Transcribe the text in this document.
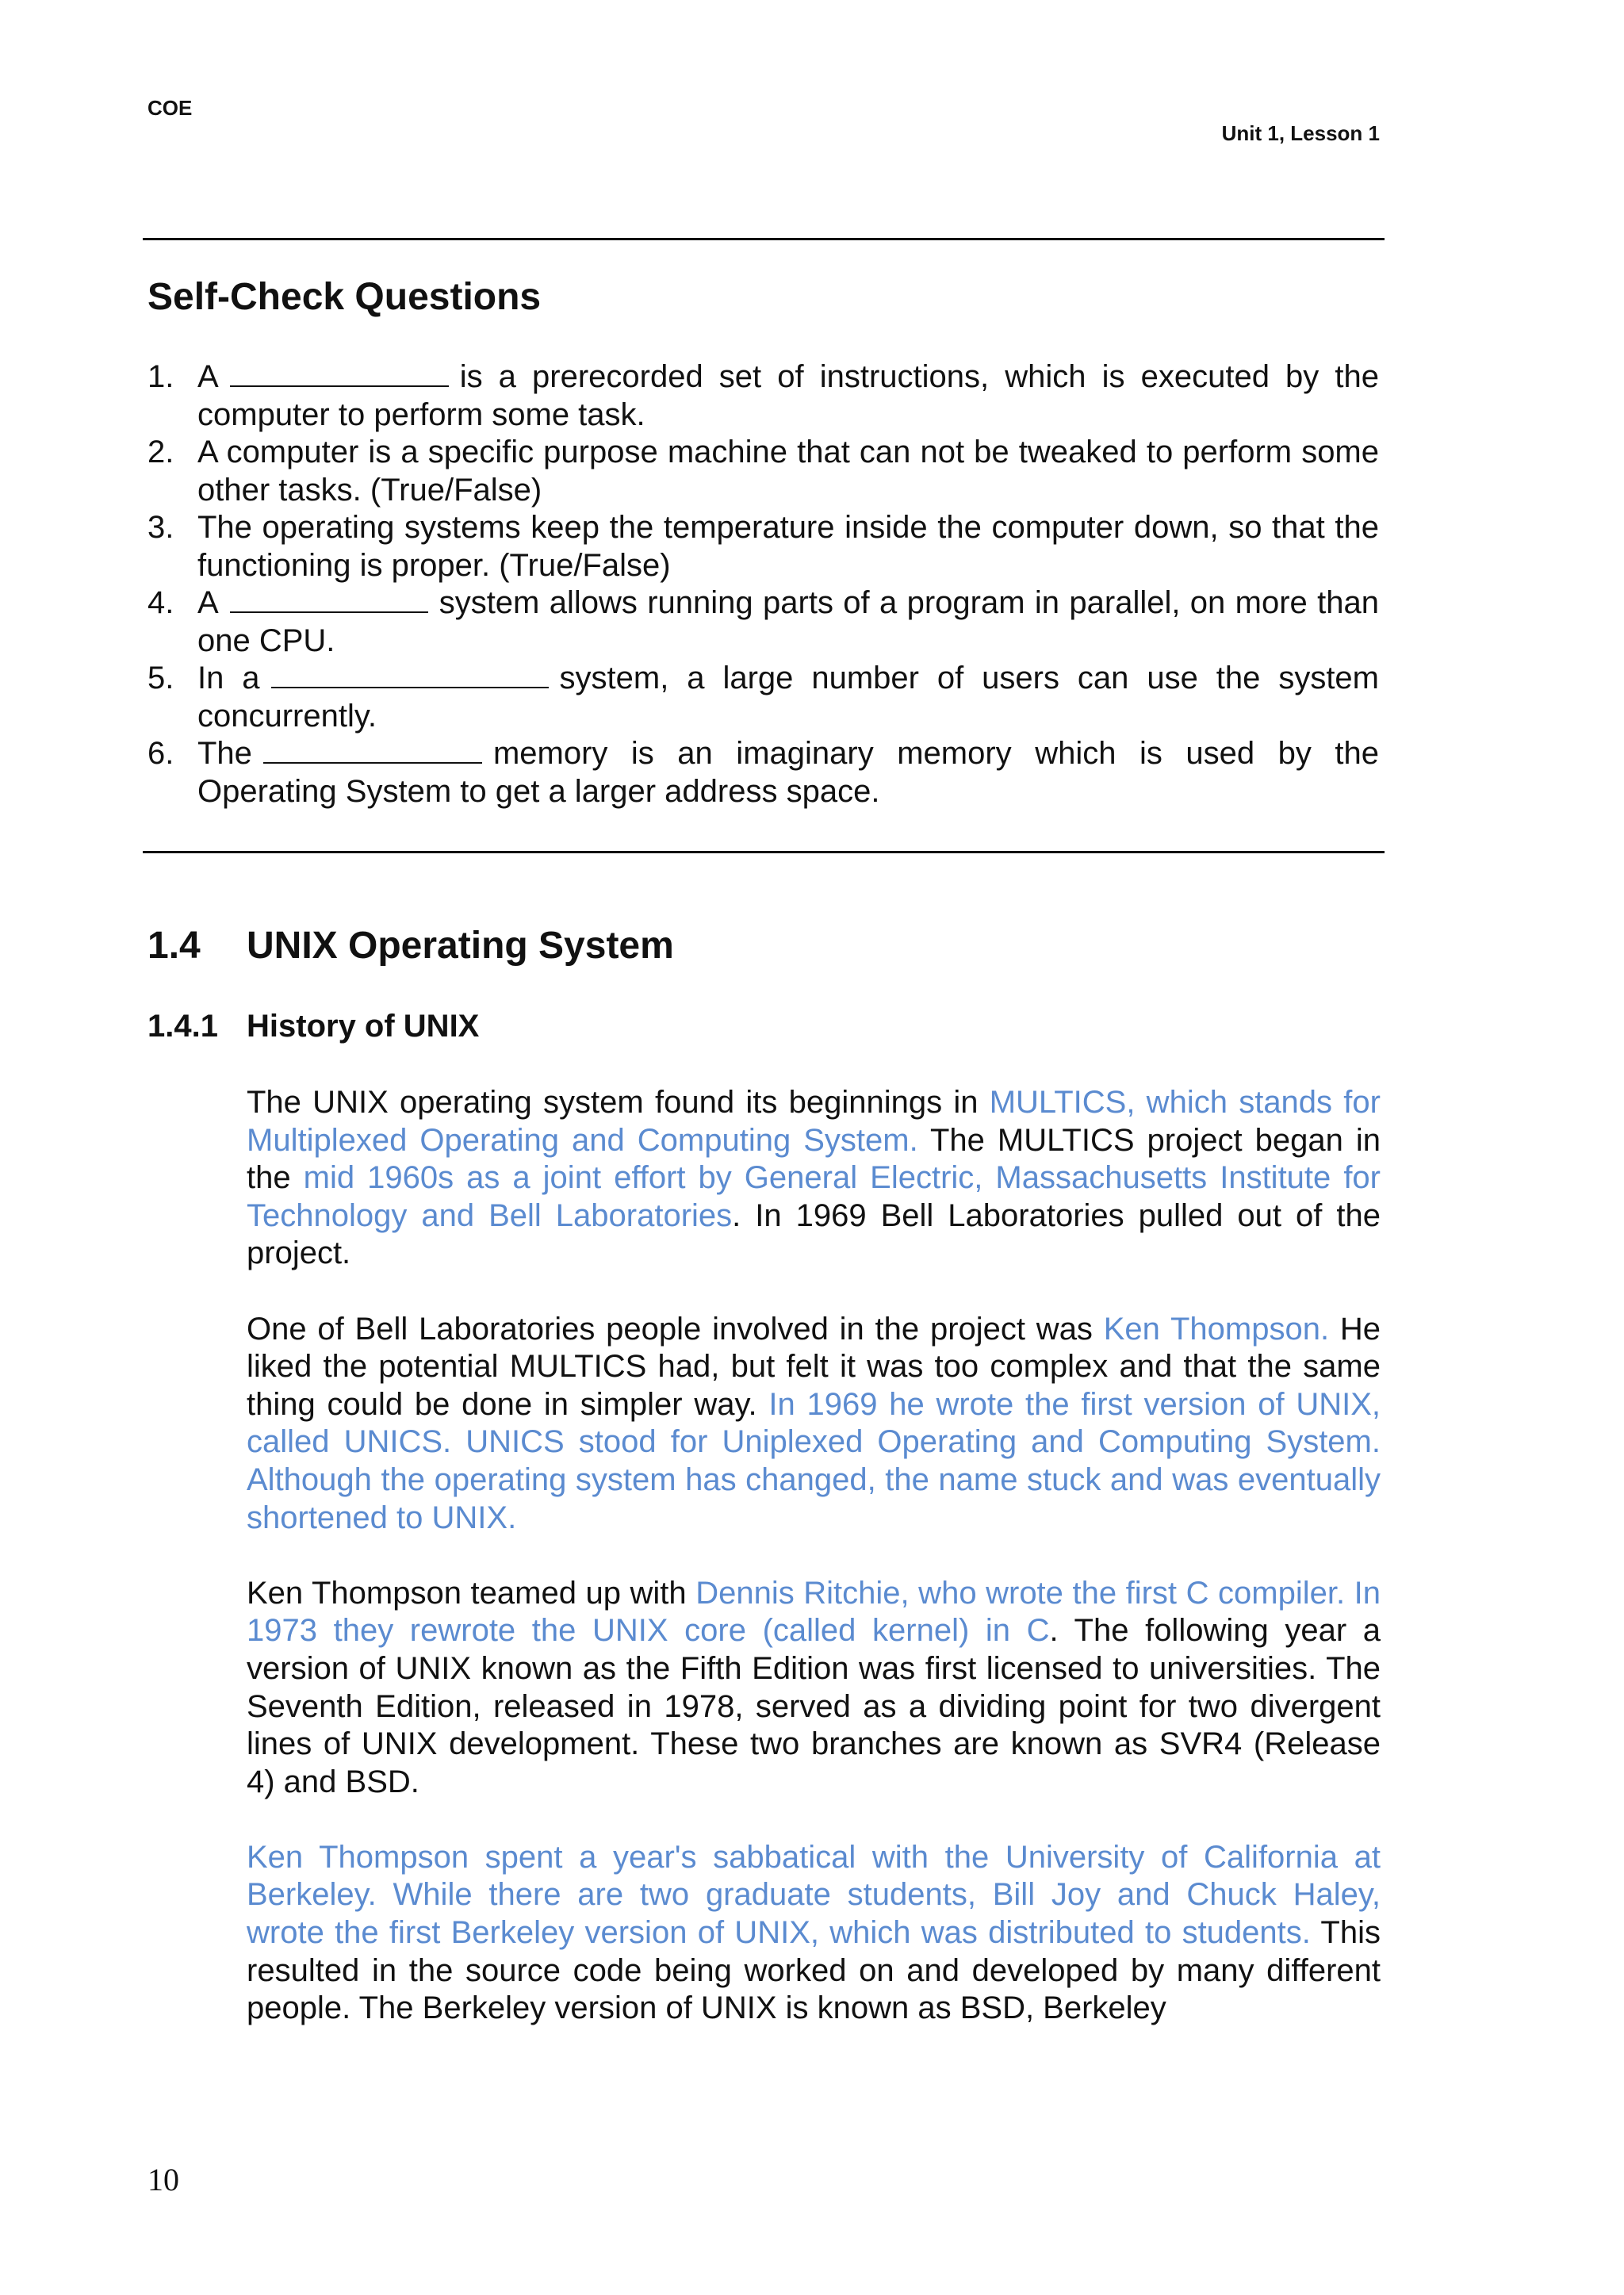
COE
Unit 1, Lesson 1
Self-Check Questions
1. A	is a prerecorded set of instructions, which is executed by the computer to perform some task.
2. A computer is a specific purpose machine that can not be tweaked to perform some other tasks. (True/False)
3. The operating systems keep the temperature inside the computer down, so that the functioning is proper. (True/False)
4. A	system allows running parts of a program in parallel, on more than one CPU.
5. In a	system, a large number of users can use the system concurrently.
6. The	memory is an imaginary memory which is used by the Operating System to get a larger address space.
1.4 UNIX Operating System
1.4.1 History of UNIX

The UNIX operating system found its beginnings in MULTICS, which stands for Multiplexed Operating and Computing System. The MULTICS project began in the mid 1960s as a joint effort by General Electric, Massachusetts Institute for Technology and Bell Laboratories. In 1969 Bell Laboratories pulled out of the project.

One of Bell Laboratories people involved in the project was Ken Thompson. He liked the potential MULTICS had, but felt it was too complex and that the same thing could be done in simpler way. In 1969 he wrote the first version of UNIX, called UNICS. UNICS stood for Uniplexed Operating and Computing System. Although the operating system has changed, the name stuck and was eventually shortened to UNIX.

Ken Thompson teamed up with Dennis Ritchie, who wrote the first C compiler. In 1973 they rewrote the UNIX core (called kernel) in C. The following year a version of UNIX known as the Fifth Edition was first licensed to universities. The Seventh Edition, released in 1978, served as a dividing point for two divergent lines of UNIX development. These two branches are known as SVR4 (Release 4) and BSD.

Ken Thompson spent a year's sabbatical with the University of California at Berkeley. While there are two graduate students, Bill Joy and Chuck Haley, wrote the first Berkeley version of UNIX, which was distributed to students. This resulted in the source code being worked on and developed by many different people. The Berkeley version of UNIX is known as BSD, Berkeley

10
